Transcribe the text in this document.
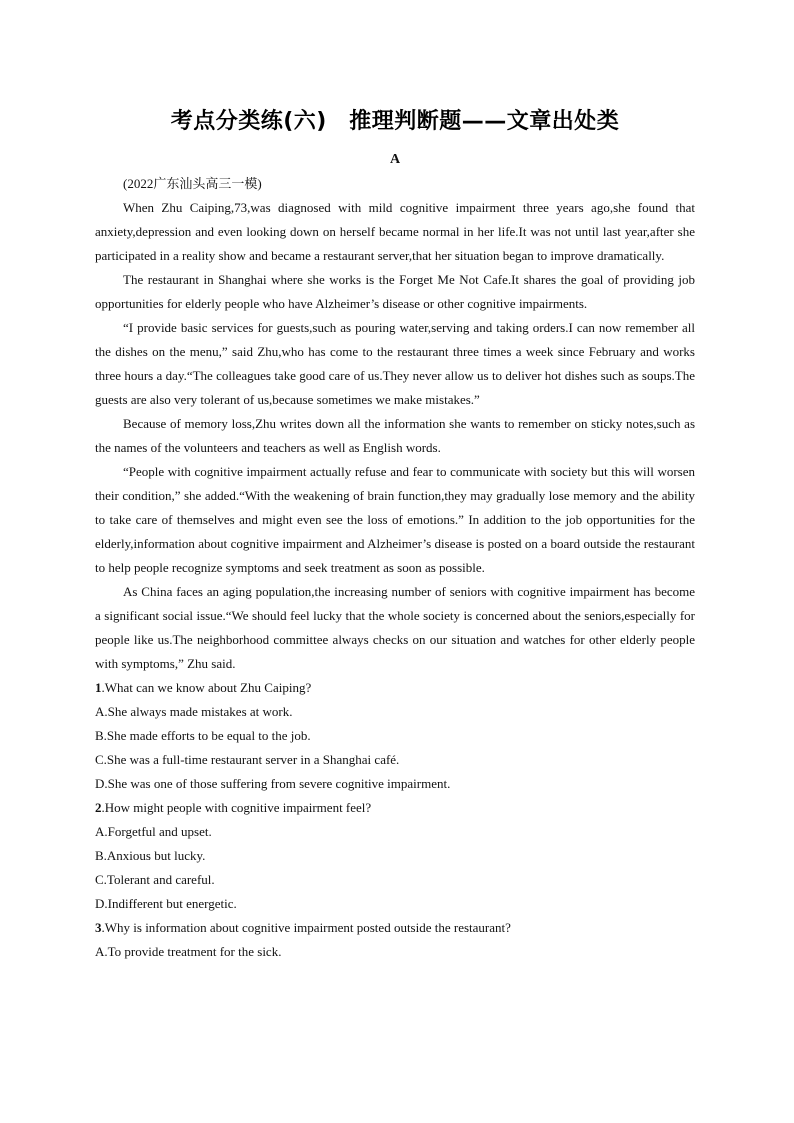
考点分类练(六)　推理判断题——文章出处类
A

(2022广东汕头高三一模)

When Zhu Caiping,73,was diagnosed with mild cognitive impairment three years ago,she found that anxiety,depression and even looking down on herself became normal in her life.It was not until last year,after she participated in a reality show and became a restaurant server,that her situation began to improve dramatically.

The restaurant in Shanghai where she works is the Forget Me Not Cafe.It shares the goal of providing job opportunities for elderly people who have Alzheimer’s disease or other cognitive impairments.

“I provide basic services for guests,such as pouring water,serving and taking orders.I can now remember all the dishes on the menu,” said Zhu,who has come to the restaurant three times a week since February and works three hours a day.“The colleagues take good care of us.They never allow us to deliver hot dishes such as soups.The guests are also very tolerant of us,because sometimes we make mistakes.”

Because of memory loss,Zhu writes down all the information she wants to remember on sticky notes,such as the names of the volunteers and teachers as well as English words.

“People with cognitive impairment actually refuse and fear to communicate with society but this will worsen their condition,” she added.“With the weakening of brain function,they may gradually lose memory and the ability to take care of themselves and might even see the loss of emotions.” In addition to the job opportunities for the elderly,information about cognitive impairment and Alzheimer’s disease is posted on a board outside the restaurant to help people recognize symptoms and seek treatment as soon as possible.

As China faces an aging population,the increasing number of seniors with cognitive impairment has become a significant social issue.“We should feel lucky that the whole society is concerned about the seniors,especially for people like us.The neighborhood committee always checks on our situation and watches for other elderly people with symptoms,” Zhu said.

1.What can we know about Zhu Caiping?

A.She always made mistakes at work.

B.She made efforts to be equal to the job.

C.She was a full-time restaurant server in a Shanghai café.

D.She was one of those suffering from severe cognitive impairment.

2.How might people with cognitive impairment feel?

A.Forgetful and upset.

B.Anxious but lucky.

C.Tolerant and careful.

D.Indifferent but energetic.

3.Why is information about cognitive impairment posted outside the restaurant?

A.To provide treatment for the sick.
